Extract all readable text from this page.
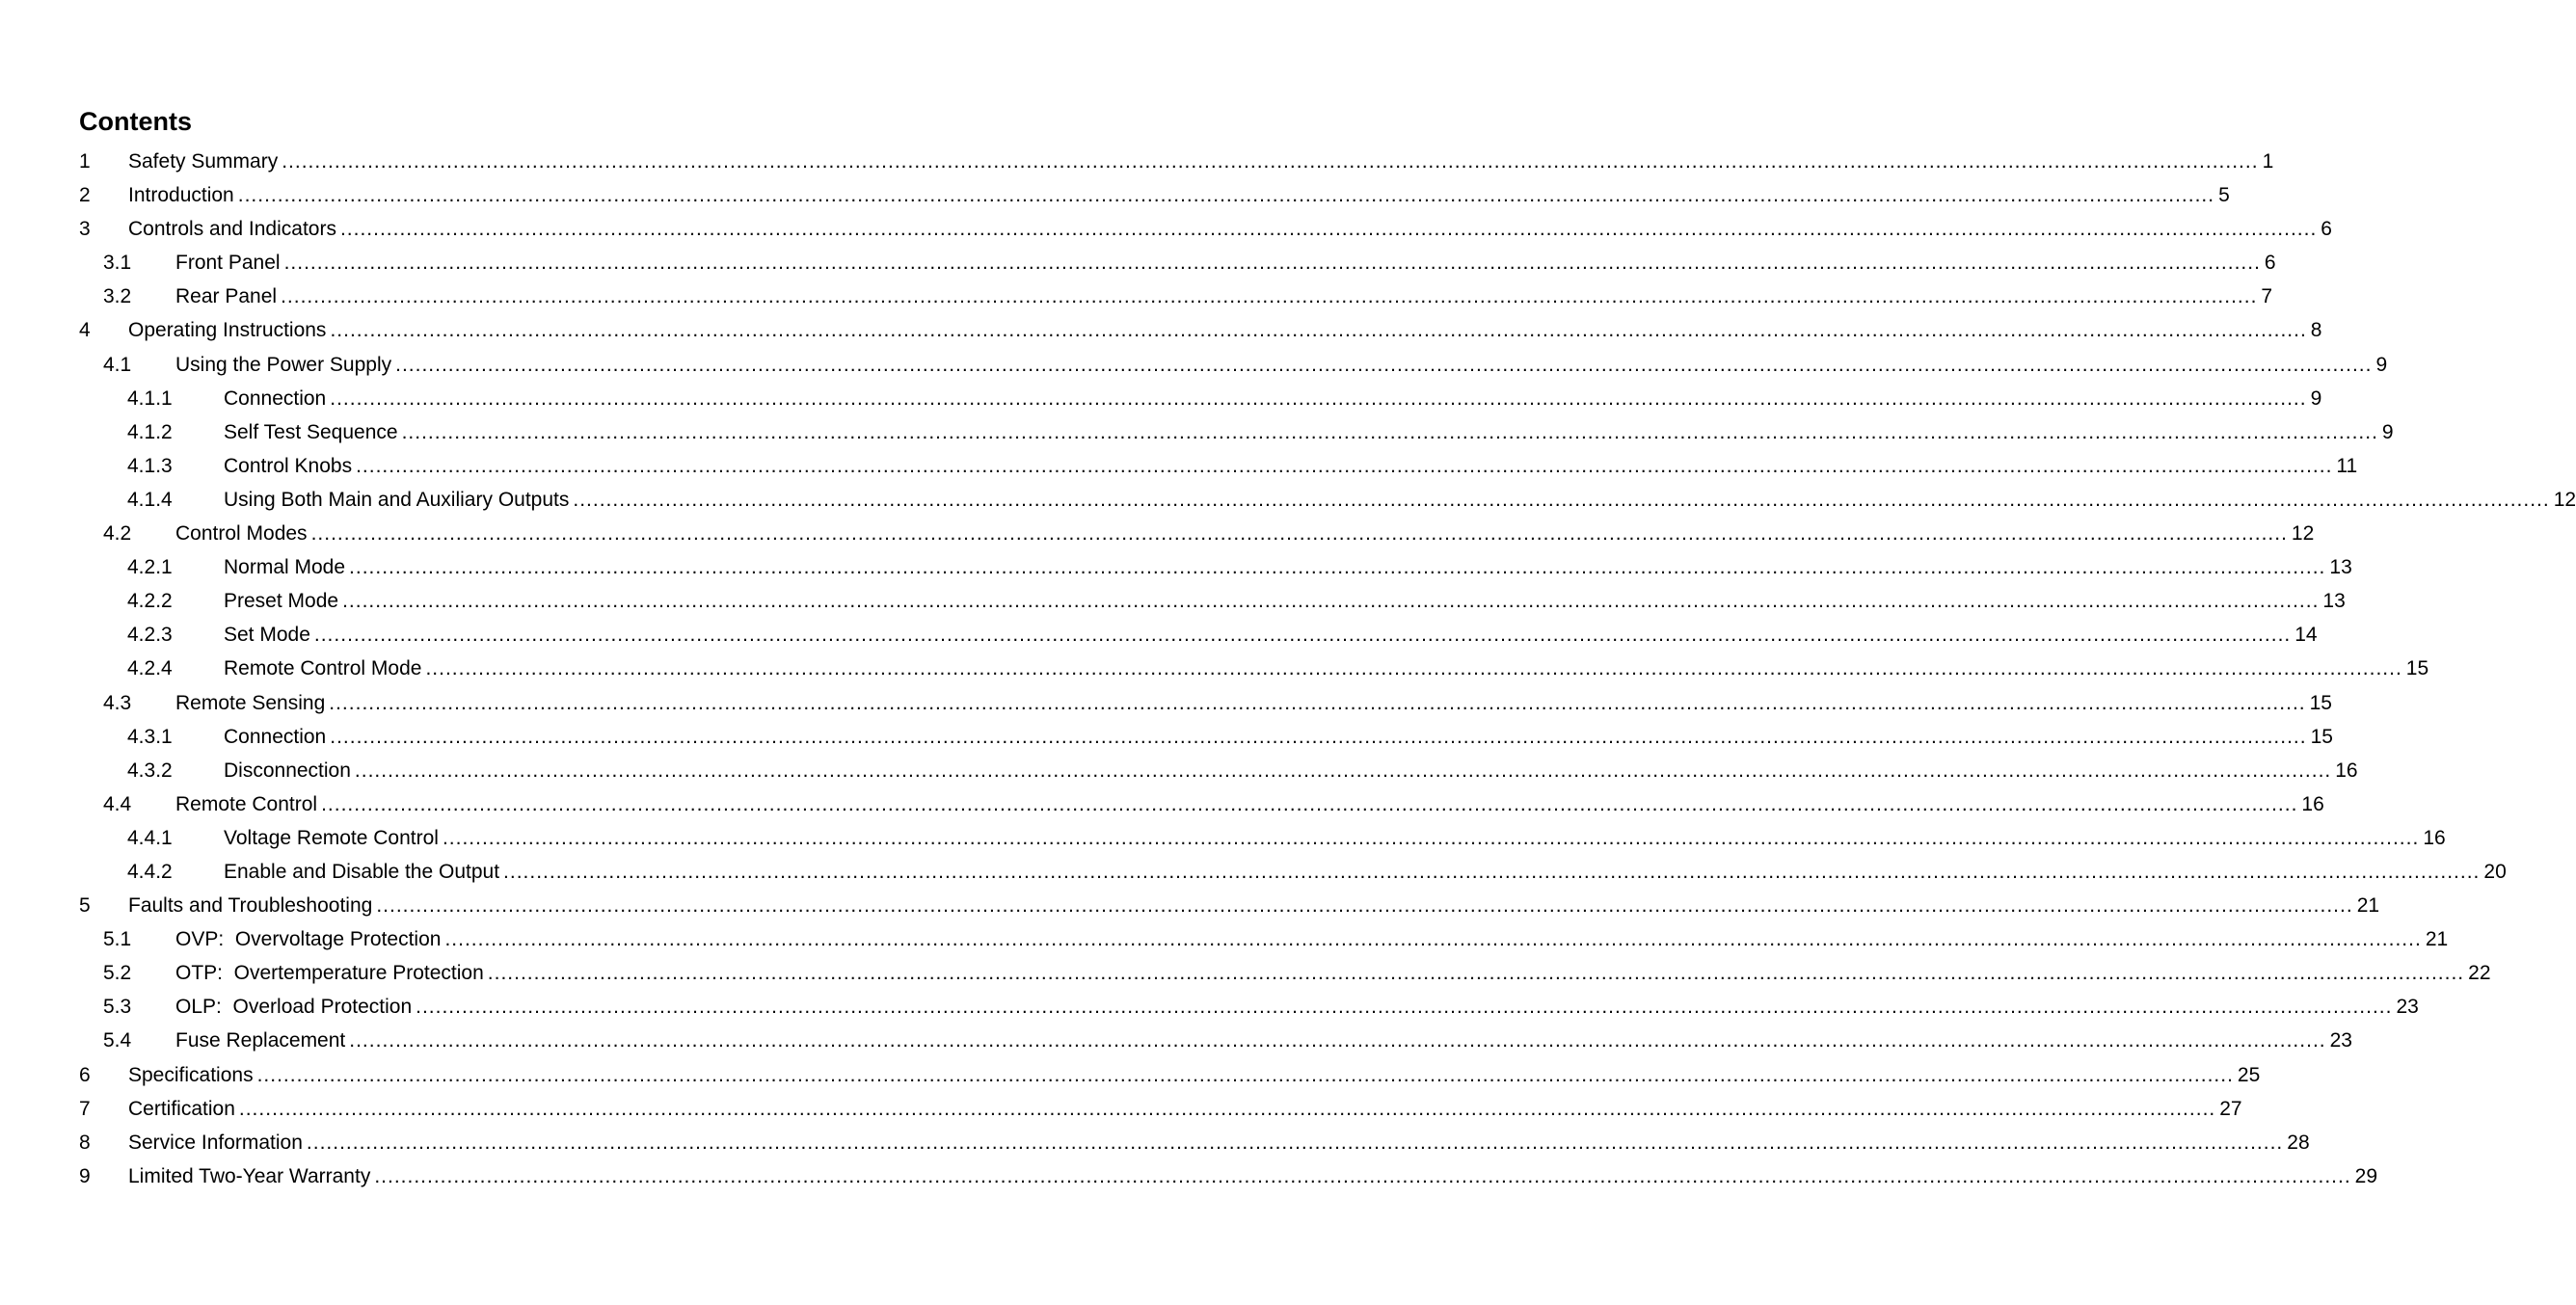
Contents
1 Safety Summary ............................................................................................................................................................................................................................................................................................................ 1
2 Introduction ............................................................................................................................................................................................................................................................................................................ 5
3 Controls and Indicators ............................................................................................................................................................................................................................................................................................................ 6
3.1 Front Panel ............................................................................................................................................................................................................................................................................................................ 6
3.2 Rear Panel ............................................................................................................................................................................................................................................................................................................ 7
4 Operating Instructions ............................................................................................................................................................................................................................................................................................................ 8
4.1 Using the Power Supply ............................................................................................................................................................................................................................................................................................................ 9
4.1.1	Connection ............................................................................................................................................................................................................................................................................................................ 9
4.1.2	Self Test Sequence ............................................................................................................................................................................................................................................................................................................ 9
4.1.3	Control Knobs ............................................................................................................................................................................................................................................................................................................ 11
4.1.4	Using Both Main and Auxiliary Outputs ............................................................................................................................................................................................................................................................................................................ 12
4.2 Control Modes ............................................................................................................................................................................................................................................................................................................ 12
4.2.1	Normal Mode ............................................................................................................................................................................................................................................................................................................ 13
4.2.2	Preset Mode ............................................................................................................................................................................................................................................................................................................ 13
4.2.3	Set Mode ............................................................................................................................................................................................................................................................................................................ 14
4.2.4	Remote Control Mode ............................................................................................................................................................................................................................................................................................................ 15
4.3 Remote Sensing ............................................................................................................................................................................................................................................................................................................ 15
4.3.1	Connection ............................................................................................................................................................................................................................................................................................................ 15
4.3.2	Disconnection ............................................................................................................................................................................................................................................................................................................ 16
4.4 Remote Control ............................................................................................................................................................................................................................................................................................................ 16
4.4.1	Voltage Remote Control ............................................................................................................................................................................................................................................................................................................ 16
4.4.2	Enable and Disable the Output ............................................................................................................................................................................................................................................................................................................ 20
5 Faults and Troubleshooting ............................................................................................................................................................................................................................................................................................................ 21
5.1 OVP:  Overvoltage Protection ............................................................................................................................................................................................................................................................................................................ 21
5.2 OTP:  Overtemperature Protection ............................................................................................................................................................................................................................................................................................................ 22
5.3 OLP:  Overload Protection ............................................................................................................................................................................................................................................................................................................ 23
5.4 Fuse Replacement ............................................................................................................................................................................................................................................................................................................ 23
6 Specifications ............................................................................................................................................................................................................................................................................................................ 25
7 Certification ............................................................................................................................................................................................................................................................................................................ 27
8 Service Information ............................................................................................................................................................................................................................................................................................................ 28
9 Limited Two-Year Warranty ............................................................................................................................................................................................................................................................................................................ 29
